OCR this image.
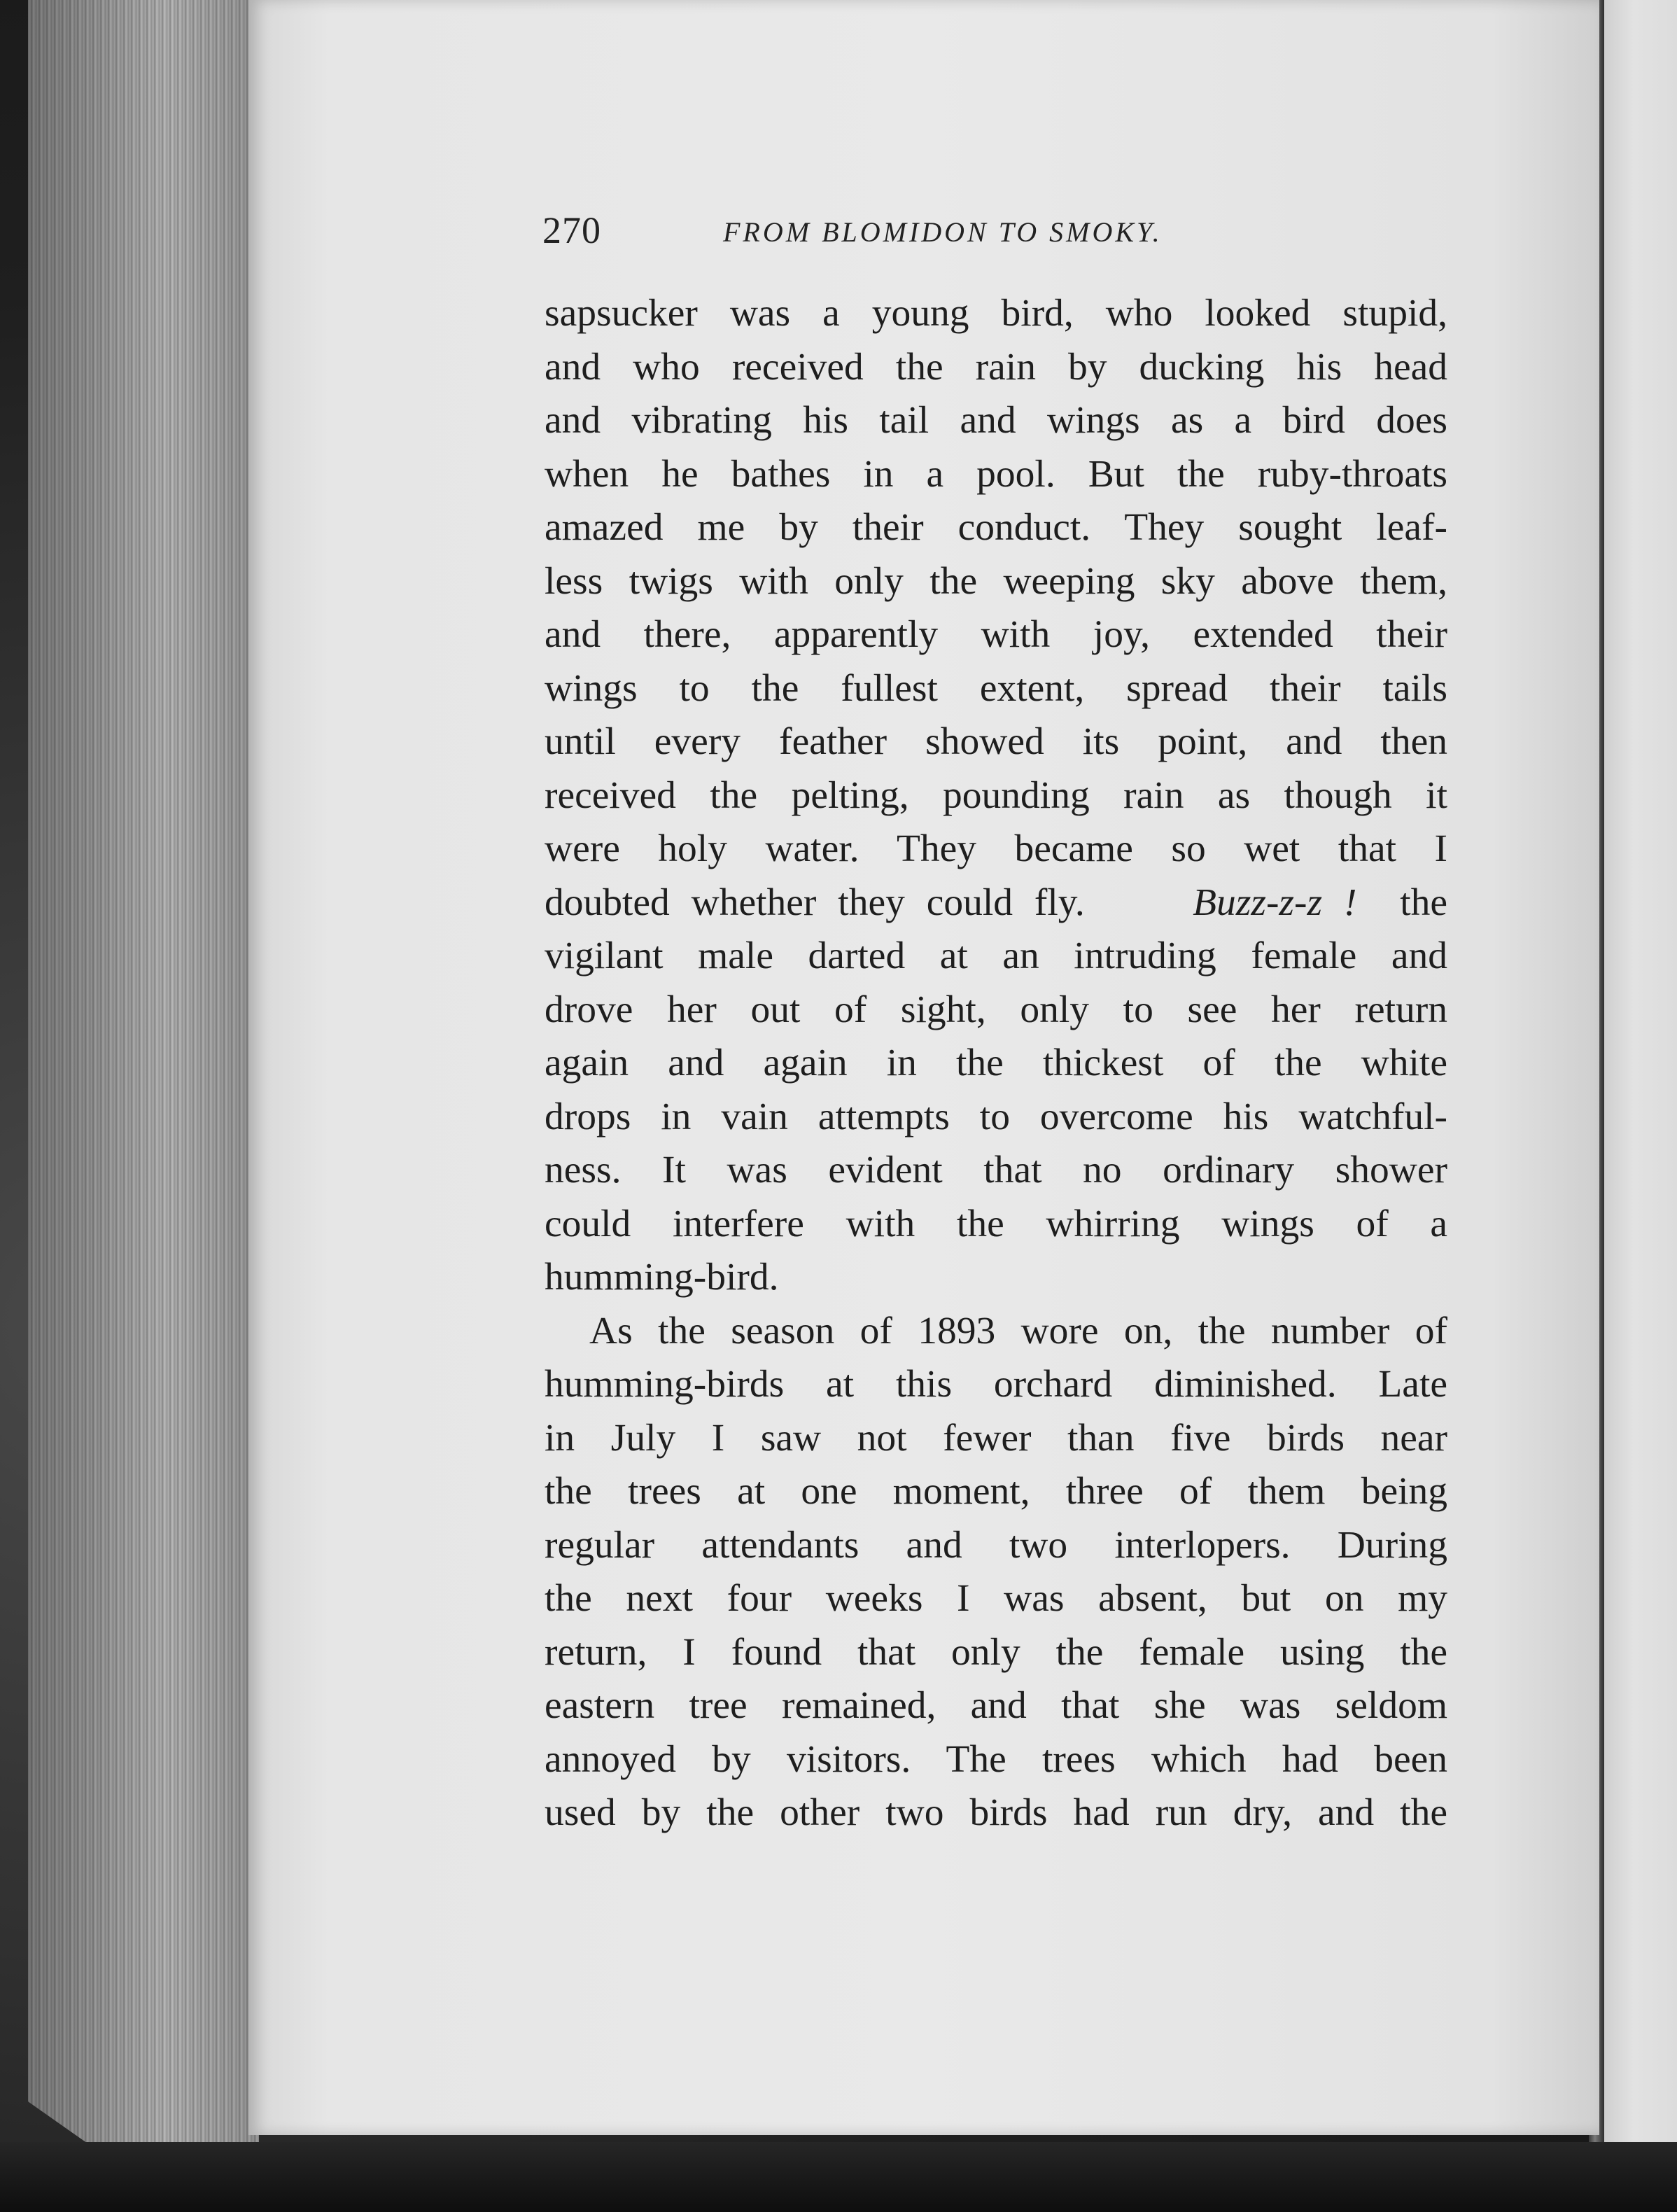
270	FROM BLOMIDON TO SMOKY.
sapsucker was a young bird, who looked stupid,
and who received the rain by ducking his head
and vibrating his tail and wings as a bird does
when he bathes in a pool. But the ruby-throats
amazed me by their conduct. They sought leaf-
less twigs with only the weeping sky above them,
and there, apparently with joy, extended their
wings to the fullest extent, spread their tails
until every feather showed its point, and then
received the pelting, pounding rain as though it
were holy water. They became so wet that I
doubted whether they could fly.	Buzz-z-z ! the
vigilant male darted at an intruding female and
drove her out of sight, only to see her return
again and again in the thickest of the white
drops in vain attempts to overcome his watchful-
ness. It was evident that no ordinary shower
could interfere with the whirring wings of a
humming-bird.
As the season of 1893 wore on, the number of
humming-birds at this orchard diminished. Late
in July I saw not fewer than five birds near
the trees at one moment, three of them being
regular attendants and two interlopers. During
the next four weeks I was absent, but on my
return, I found that only the female using the
eastern tree remained, and that she was seldom
annoyed by visitors. The trees which had been
used by the other two birds had run dry, and the
